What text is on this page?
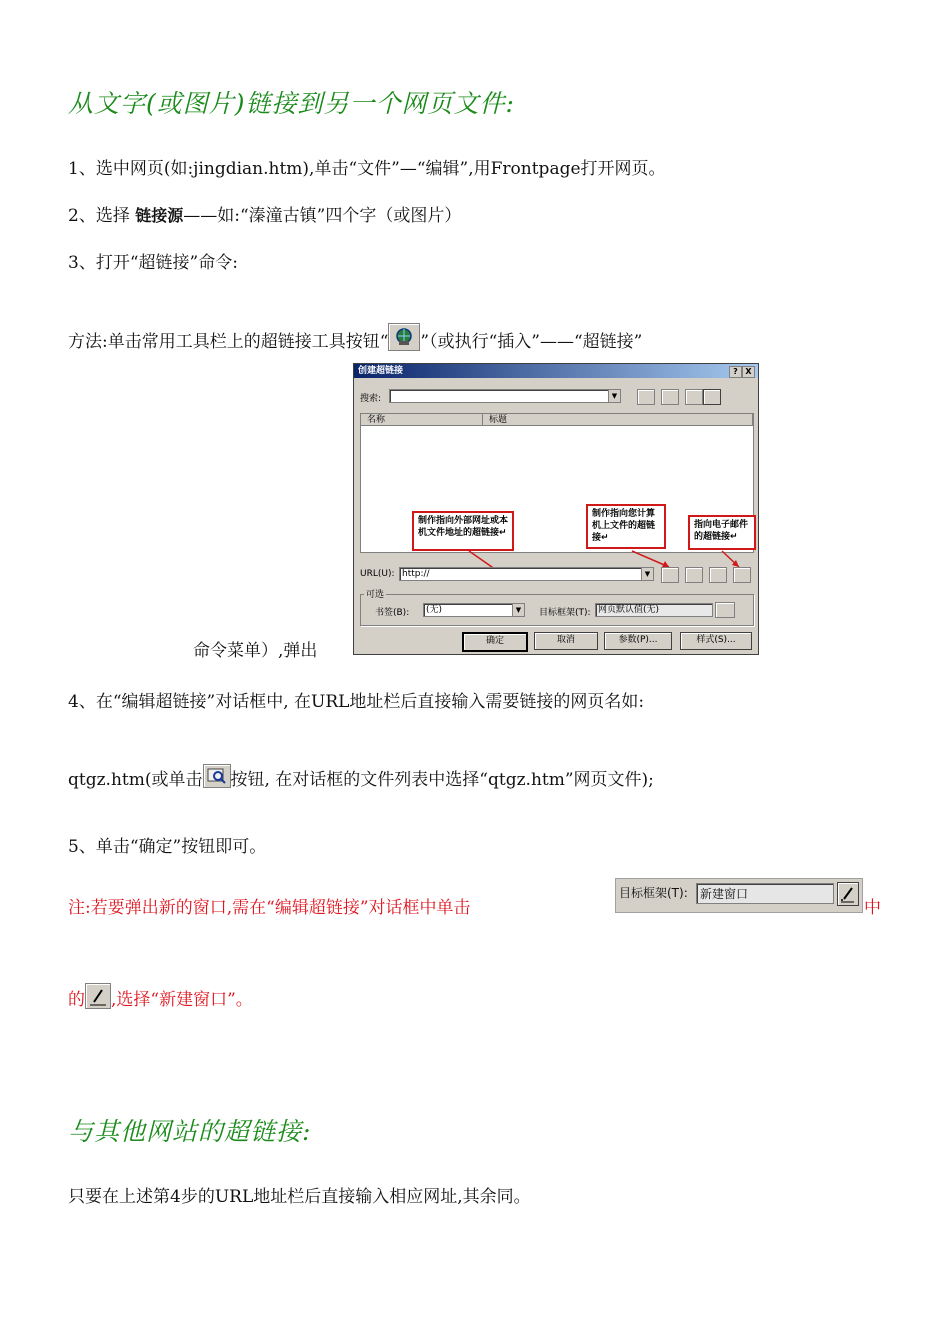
从文字(或图片)链接到另一个网页文件:
1、选中网页(如:jingdian.htm),单击“文件”—“编辑”,用Frontpage打开网页。
2、选择 链接源——如:“溱潼古镇”四个字（或图片）
3、打开“超链接”命令:
方法:单击常用工具栏上的超链接工具按钮“ ”（或执行“插入”——“超链接”
命令菜单）,弹出
创建超链接	? X
搜索:	▼
名称	标题
制作指向外部网址或本机文件地址的超链接↵
制作指向您计算机上文件的超链接↵
指向电子邮件的超链接↵
URL(U): http://	▼
可选
书签(B):	(无)	▼	目标框架(T): 网页默认值(无)
确定	取消	参数(P)...	样式(S)...
4、在“编辑超链接”对话框中, 在URL地址栏后直接输入需要链接的网页名如:
qtgz.htm(或单击 按钮, 在对话框的文件列表中选择“qtgz.htm”网页文件);
5、单击“确定”按钮即可。
注:若要弹出新的窗口,需在“编辑超链接”对话框中单击
目标框架(T):	新建窗口
中
的 ,选择“新建窗口”。
与其他网站的超链接:
只要在上述第4步的URL地址栏后直接输入相应网址,其余同。
